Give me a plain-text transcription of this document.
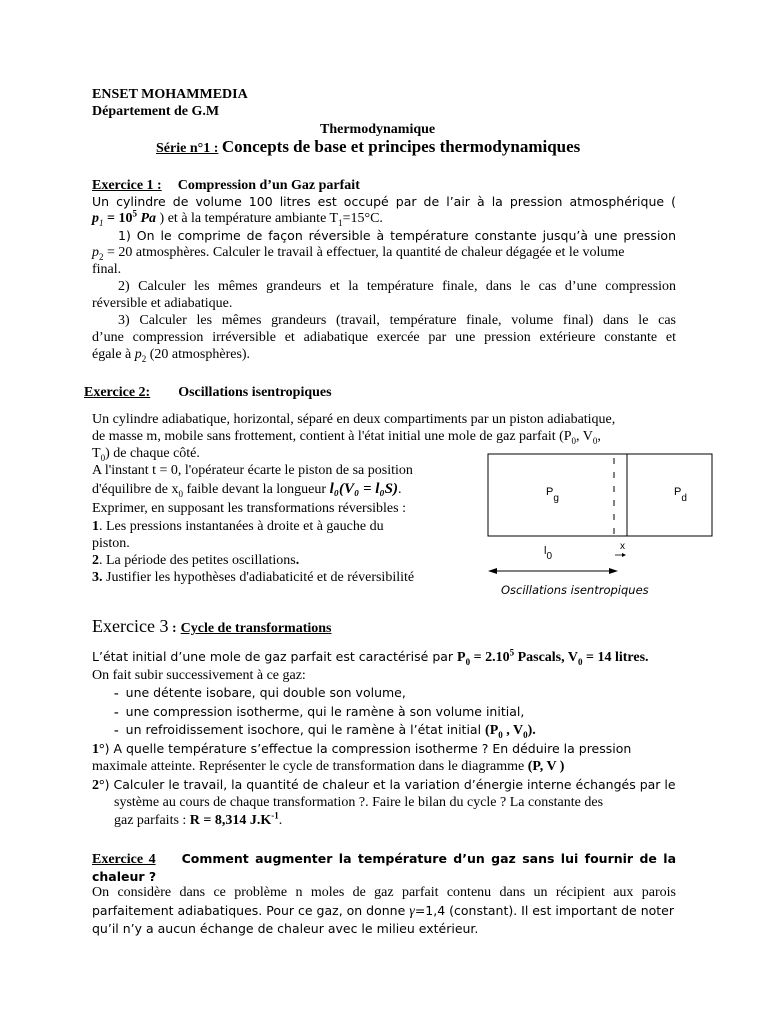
ENSET MOHAMMEDIA
Département de G.M
Thermodynamique
Série n°1 : Concepts de base et principes thermodynamiques
Exercice 1 : Compression d’un Gaz parfait
Un cylindre de volume 100 litres est occupé par de l’air à la pression atmosphérique (
$p_1 = 10^5$ Pa ) et à la température ambiante $T_1=15^\circ C$.
1) On le comprime de façon réversible à température constante jusqu’à une pression
$p_2 = 20$ atmosphères. Calculer le travail à effectuer, la quantité de chaleur dégagée et le volume
final.
2) Calculer les mêmes grandeurs et la température finale, dans le cas d’une compression
réversible et adiabatique.
3) Calculer les mêmes grandeurs (travail, température finale, volume final) dans le cas
d’une compression irréversible et adiabatique exercée par une pression extérieure constante et
égale à $p_2$ (20 atmosphères).
Exercice 2: Oscillations isentropiques
Un cylindre adiabatique, horizontal, séparé en deux compartiments par un piston adiabatique,
de masse m, mobile sans frottement, contient à l'état initial une mole de gaz parfait ($P_0$, $V_0$,
$T_0$) de chaque côté.
A l'instant t = 0, l'opérateur écarte le piston de sa position
d'équilibre de $x_0$ faible devant la longueur l₀(V₀ = l₀S).
Exprimer, en supposant les transformations réversibles :
1. Les pressions instantanées à droite et à gauche du
piston.
2. La période des petites oscillations.
3. Justifier les hypothèses d'adiabaticité et de réversibilité
Pg
Pd
x
l0
Oscillations isentropiques
Exercice 3 : Cycle de transformations
L’état initial d’une mole de gaz parfait est caractérisé par $P_0 = 2.10^5$ Pascals, $V_0 = 14$ litres.
On fait subir successivement à ce gaz:
- une détente isobare, qui double son volume,
- une compression isotherme, qui le ramène à son volume initial,
- un refroidissement isochore, qui le ramène à l’état initial ($P_0$ , $V_0$).
1°) A quelle température s’effectue la compression isotherme ? En déduire la pression
maximale atteinte. Représenter le cycle de transformation dans le diagramme (P, V )
2°) Calculer le travail, la quantité de chaleur et la variation d’énergie interne échangés par le
système au cours de chaque transformation ?. Faire le bilan du cycle ? La constante des
gaz parfaits : R = 8,314 $J.K^{-1}$.
Exercice 4 Comment augmenter la température d’un gaz sans lui fournir de la
chaleur ?
On considère dans ce problème n moles de gaz parfait contenu dans un récipient aux parois
parfaitement adiabatiques. Pour ce gaz, on donne γ=1,4 (constant). Il est important de noter
qu’il n’y a aucun échange de chaleur avec le milieu extérieur.
